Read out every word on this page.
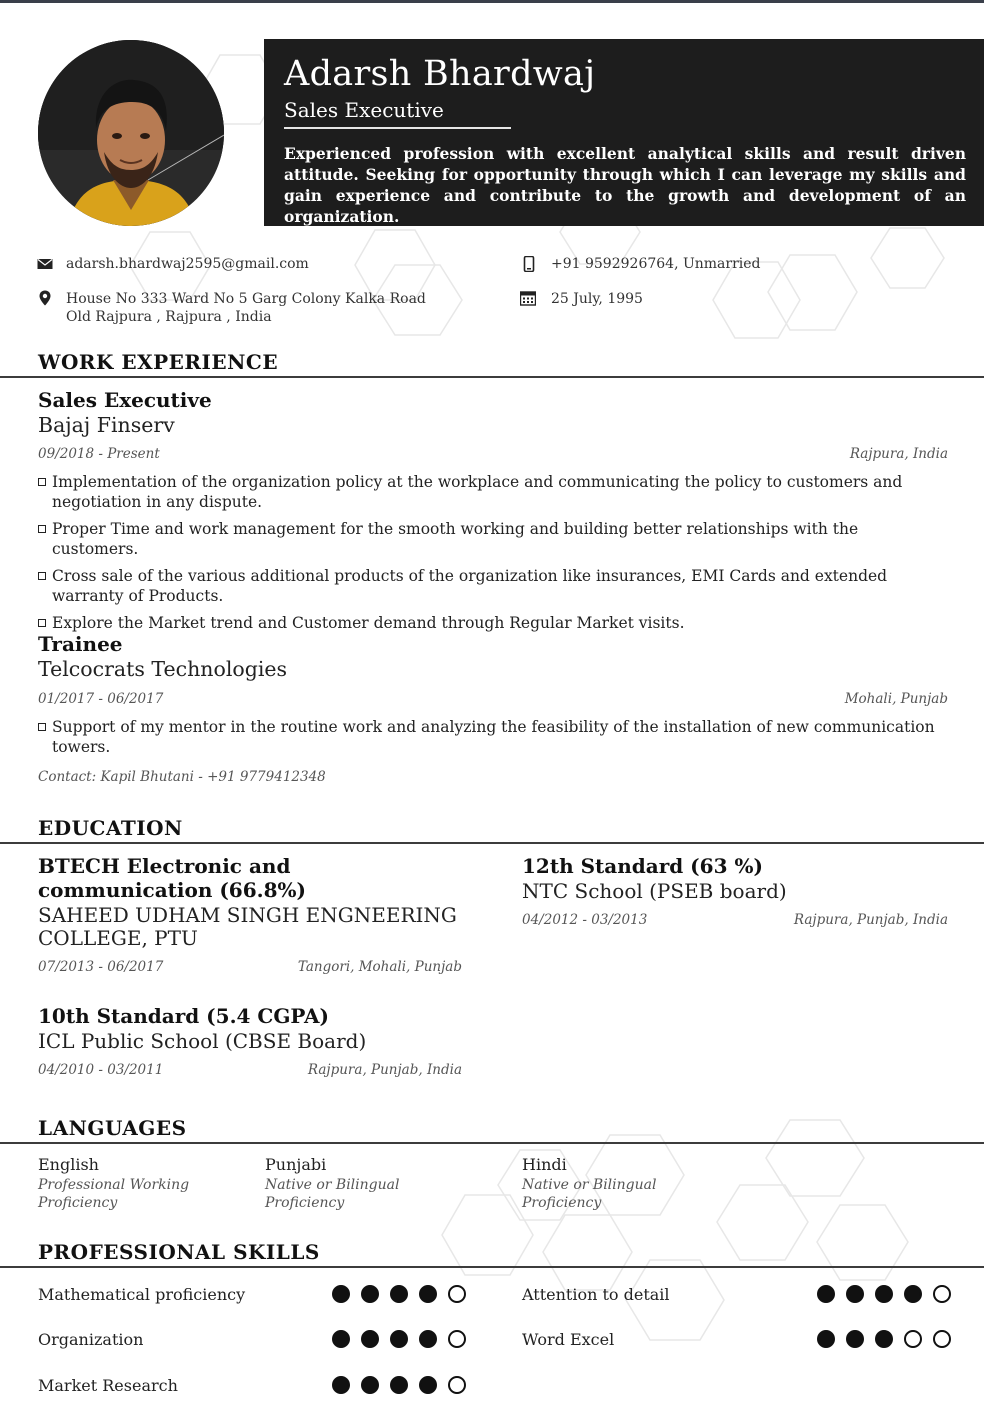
Adarsh Bhardwaj
Sales Executive
Experienced profession with excellent analytical skills and result driven attitude. Seeking for opportunity through which I can leverage my skills and gain experience and contribute to the growth and development of an organization.
adarsh.bhardwaj2595@gmail.com	+91 9592926764, Unmarried
House No 333 Ward No 5 Garg Colony Kalka Road
Old Rajpura , Rajpura , India
25 July, 1995
WORK EXPERIENCE
Sales Executive
Bajaj Finserv
09/2018 - Present	Rajpura, India
Implementation of the organization policy at the workplace and communicating the policy to customers and negotiation in any dispute.
Proper Time and work management for the smooth working and building better relationships with the customers.
Cross sale of the various additional products of the organization like insurances, EMI Cards and extended warranty of Products.
Explore the Market trend and Customer demand through Regular Market visits.
Trainee
Telcocrats Technologies
01/2017 - 06/2017	Mohali, Punjab
Support of my mentor in the routine work and analyzing the feasibility of the installation of new communication towers.
Contact: Kapil Bhutani - +91 9779412348
EDUCATION
BTECH Electronic and communication (66.8%)
SAHEED UDHAM SINGH ENGNEERING COLLEGE, PTU
07/2013 - 06/2017	Tangori, Mohali, Punjab
12th Standard (63 %)
NTC School (PSEB board)
04/2012 - 03/2013	Rajpura, Punjab, India
10th Standard (5.4 CGPA)
ICL Public School (CBSE Board)
04/2010 - 03/2011	Rajpura, Punjab, India
LANGUAGES
English
Professional Working Proficiency
Punjabi
Native or Bilingual Proficiency
Hindi
Native or Bilingual Proficiency
PROFESSIONAL SKILLS
Mathematical proficiency	Attention to detail
Organization	Word Excel
Market Research
